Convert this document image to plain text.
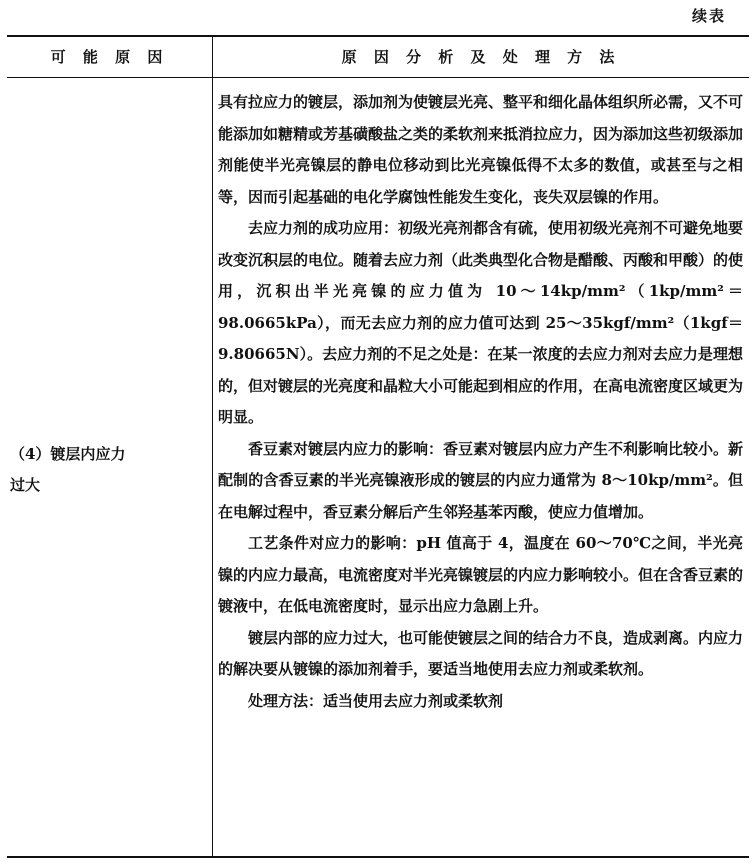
续表
可 能 原 因	原 因 分 析 及 处 理 方 法
（4）镀层内应力
过大

具有拉应力的镀层，添加剂为使镀层光亮、整平和细化晶体组织所必需，又不可能添加如糖精或芳基磺酸盐之类的柔软剂来抵消拉应力，因为添加这些初级添加剂能使半光亮镍层的静电位移动到比光亮镍低得不太多的数值，或甚至与之相等，因而引起基础的电化学腐蚀性能发生变化，丧失双层镍的作用。

去应力剂的成功应用：初级光亮剂都含有硫，使用初级光亮剂不可避免地要改变沉积层的电位。随着去应力剂（此类典型化合物是醋酸、丙酸和甲酸）的使用，沉积出半光亮镍的应力值为 10～14kp/mm²（1kp/mm²＝98.0665kPa），而无去应力剂的应力值可达到 25～35kgf/mm²（1kgf＝9.80665N）。去应力剂的不足之处是：在某一浓度的去应力剂对去应力是理想的，但对镀层的光亮度和晶粒大小可能起到相应的作用，在高电流密度区域更为明显。

香豆素对镀层内应力的影响：香豆素对镀层内应力产生不利影响比较小。新配制的含香豆素的半光亮镍液形成的镀层的内应力通常为 8～10kp/mm²。但在电解过程中，香豆素分解后产生邻羟基苯丙酸，使应力值增加。

工艺条件对应力的影响：pH 值高于 4，温度在 60～70℃之间，半光亮镍的内应力最高，电流密度对半光亮镍镀层的内应力影响较小。但在含香豆素的镀液中，在低电流密度时，显示出应力急剧上升。

镀层内部的应力过大，也可能使镀层之间的结合力不良，造成剥离。内应力的解决要从镀镍的添加剂着手，要适当地使用去应力剂或柔软剂。

处理方法：适当使用去应力剂或柔软剂
